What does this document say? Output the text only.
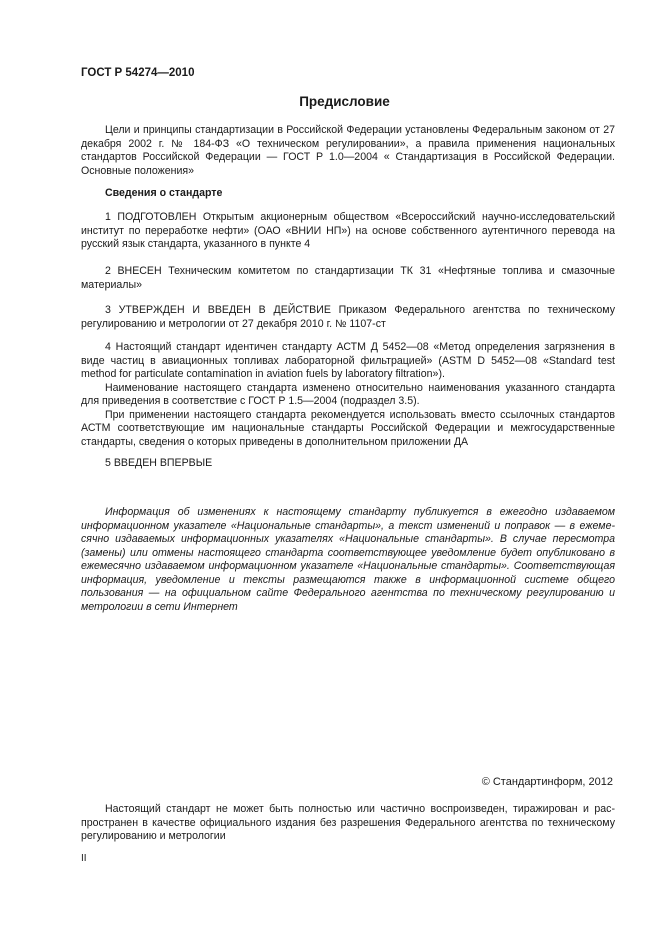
ГОСТ Р 54274—2010
Предисловие

Цели и принципы стандартизации в Российской Федерации установлены Федеральным законом от 27 декабря 2002 г. № 184-ФЗ «О техническом регулировании», а правила применения национальных стандартов Российской Федерации — ГОСТ Р 1.0—2004 « Стандартизация в Российской Федерации. Основные положения»

Сведения о стандарте

1 ПОДГОТОВЛЕН Открытым акционерным обществом «Всероссийский научно-исследовательский институт по переработке нефти» (ОАО «ВНИИ НП») на основе собственного аутентичного перевода на русский язык стандарта, указанного в пункте 4

2 ВНЕСЕН Техническим комитетом по стандартизации ТК 31 «Нефтяные топлива и смазочные материалы»

3 УТВЕРЖДЕН И ВВЕДЕН В ДЕЙСТВИЕ Приказом Федерального агентства по техническому регулированию и метрологии от 27 декабря 2010 г. № 1107-ст

4 Настоящий стандарт идентичен стандарту АСТМ Д 5452—08 «Метод определения загрязнения в виде частиц в авиационных топливах лабораторной фильтрацией» (ASTM D 5452—08 «Standard test method for particulate contamination in aviation fuels by laboratory filtration»).
Наименование настоящего стандарта изменено относительно наименования указанного стандарта для приведения в соответствие с ГОСТ Р 1.5—2004 (подраздел 3.5).
При применении настоящего стандарта рекомендуется использовать вместо ссылочных стандартов АСТМ соответствующие им национальные стандарты Российской Федерации и межгосударственные стандарты, сведения о которых приведены в дополнительном приложении ДА

5 ВВЕДЕН ВПЕРВЫЕ

Информация об изменениях к настоящему стандарту публикуется в ежегодно издаваемом информационном указателе «Национальные стандарты», а текст изменений и поправок — в ежемесячно издаваемых информационных указателях «Национальные стандарты». В случае пересмотра (замены) или отмены настоящего стандарта соответствующее уведомление будет опубликовано в ежемесячно издаваемом информационном указателе «Национальные стандарты». Соответствующая информация, уведомление и тексты размещаются также в информационной системе общего пользования — на официальном сайте Федерального агентства по техническому регулированию и метрологии в сети Интернет

© Стандартинформ, 2012

Настоящий стандарт не может быть полностью или частично воспроизведен, тиражирован и распространен в качестве официального издания без разрешения Федерального агентства по техническому регулированию и метрологии

II
